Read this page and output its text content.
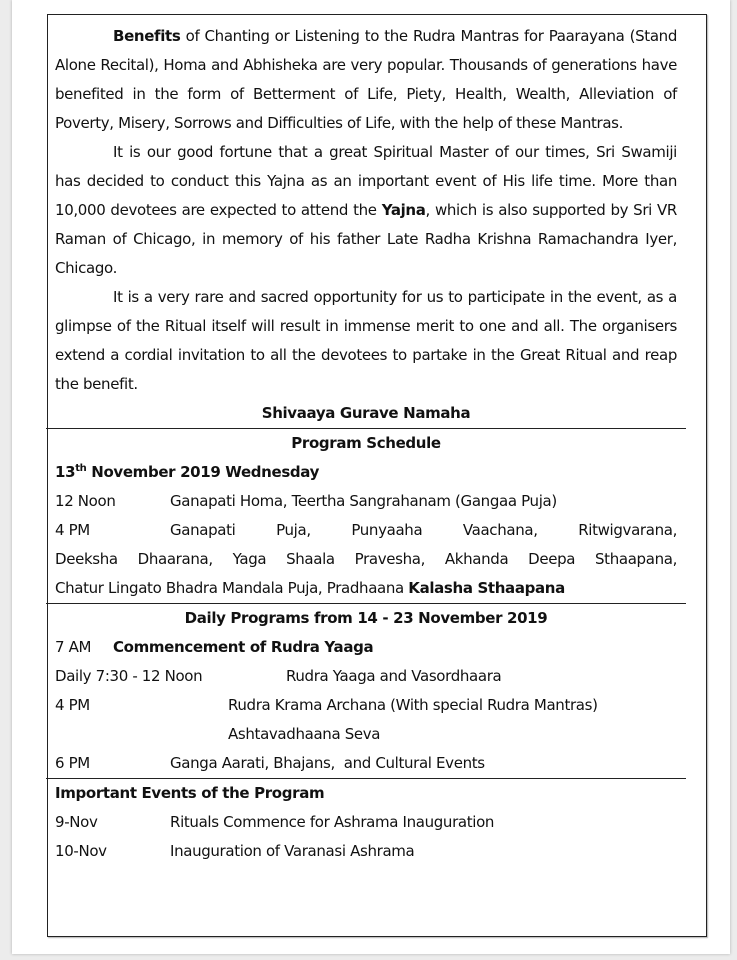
Benefits of Chanting or Listening to the Rudra Mantras for Paarayana (Stand Alone Recital), Homa and Abhisheka are very popular. Thousands of generations have benefited in the form of Betterment of Life, Piety, Health, Wealth, Alleviation of Poverty, Misery, Sorrows and Difficulties of Life, with the help of these Mantras.

It is our good fortune that a great Spiritual Master of our times, Sri Swamiji has decided to conduct this Yajna as an important event of His life time. More than 10,000 devotees are expected to attend the Yajna, which is also supported by Sri VR Raman of Chicago, in memory of his father Late Radha Krishna Ramachandra Iyer, Chicago.

It is a very rare and sacred opportunity for us to participate in the event, as a glimpse of the Ritual itself will result in immense merit to one and all. The organisers extend a cordial invitation to all the devotees to partake in the Great Ritual and reap the benefit.

Shivaaya Gurave Namaha

Program Schedule

13th November 2019 Wednesday

12 Noon	Ganapati Homa, Teertha Sangrahanam (Gangaa Puja)
4 PM	Ganapati Puja, Punyaaha Vaachana, Ritwigvarana,

Deeksha Dhaarana, Yaga Shaala Pravesha, Akhanda Deepa Sthaapana,

Chatur Lingato Bhadra Mandala Puja, Pradhaana Kalasha Sthaapana

Daily Programs from 14 - 23 November 2019

7 AM	Commencement of Rudra Yaaga
Daily 7:30 - 12 Noon	Rudra Yaaga and Vasordhaara
4 PM	Rudra Krama Archana (With special Rudra Mantras)
Ashtavadhaana Seva
6 PM	Ganga Aarati, Bhajans,  and Cultural Events

Important Events of the Program

9-Nov	Rituals Commence for Ashrama Inauguration
10-Nov	Inauguration of Varanasi Ashrama
